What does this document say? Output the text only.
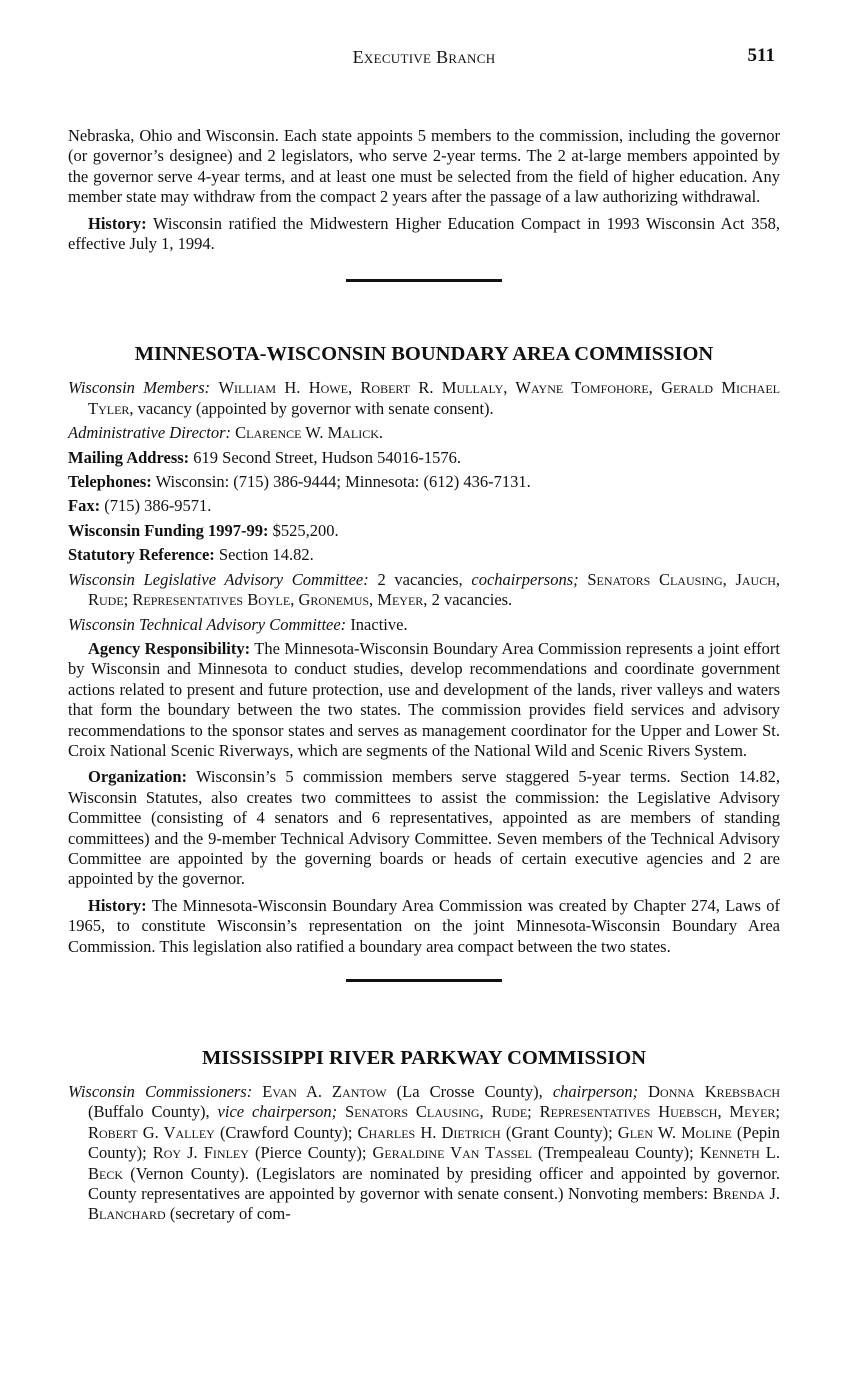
Executive Branch	511

Nebraska, Ohio and Wisconsin. Each state appoints 5 members to the commission, including the governor (or governor’s designee) and 2 legislators, who serve 2-year terms. The 2 at-large members appointed by the governor serve 4-year terms, and at least one must be selected from the field of higher education. Any member state may withdraw from the compact 2 years after the passage of a law authorizing withdrawal.

History: Wisconsin ratified the Midwestern Higher Education Compact in 1993 Wisconsin Act 358, effective July 1, 1994.

MINNESOTA-WISCONSIN BOUNDARY AREA COMMISSION

Wisconsin Members: William H. Howe, Robert R. Mullaly, Wayne Tomfohore, Gerald Michael Tyler, vacancy (appointed by governor with senate consent).

Administrative Director: Clarence W. Malick.

Mailing Address: 619 Second Street, Hudson 54016-1576.

Telephones: Wisconsin: (715) 386-9444; Minnesota: (612) 436-7131.

Fax: (715) 386-9571.

Wisconsin Funding 1997-99: $525,200.

Statutory Reference: Section 14.82.

Wisconsin Legislative Advisory Committee: 2 vacancies, cochairpersons; Senators Clausing, Jauch, Rude; Representatives Boyle, Gronemus, Meyer, 2 vacancies.

Wisconsin Technical Advisory Committee: Inactive.

Agency Responsibility: The Minnesota-Wisconsin Boundary Area Commission represents a joint effort by Wisconsin and Minnesota to conduct studies, develop recommendations and coordinate government actions related to present and future protection, use and development of the lands, river valleys and waters that form the boundary between the two states. The commission provides field services and advisory recommendations to the sponsor states and serves as management coordinator for the Upper and Lower St. Croix National Scenic Riverways, which are segments of the National Wild and Scenic Rivers System.

Organization: Wisconsin’s 5 commission members serve staggered 5-year terms. Section 14.82, Wisconsin Statutes, also creates two committees to assist the commission: the Legislative Advisory Committee (consisting of 4 senators and 6 representatives, appointed as are members of standing committees) and the 9-member Technical Advisory Committee. Seven members of the Technical Advisory Committee are appointed by the governing boards or heads of certain executive agencies and 2 are appointed by the governor.

History: The Minnesota-Wisconsin Boundary Area Commission was created by Chapter 274, Laws of 1965, to constitute Wisconsin’s representation on the joint Minnesota-Wisconsin Boundary Area Commission. This legislation also ratified a boundary area compact between the two states.

MISSISSIPPI RIVER PARKWAY COMMISSION

Wisconsin Commissioners: Evan A. Zantow (La Crosse County), chairperson; Donna Krebsbach (Buffalo County), vice chairperson; Senators Clausing, Rude; Representatives Huebsch, Meyer; Robert G. Valley (Crawford County); Charles H. Dietrich (Grant County); Glen W. Moline (Pepin County); Roy J. Finley (Pierce County); Geraldine Van Tassel (Trempealeau County); Kenneth L. Beck (Vernon County). (Legislators are nominated by presiding officer and appointed by governor. County representatives are appointed by governor with senate consent.) Nonvoting members: Brenda J. Blanchard (secretary of com-
